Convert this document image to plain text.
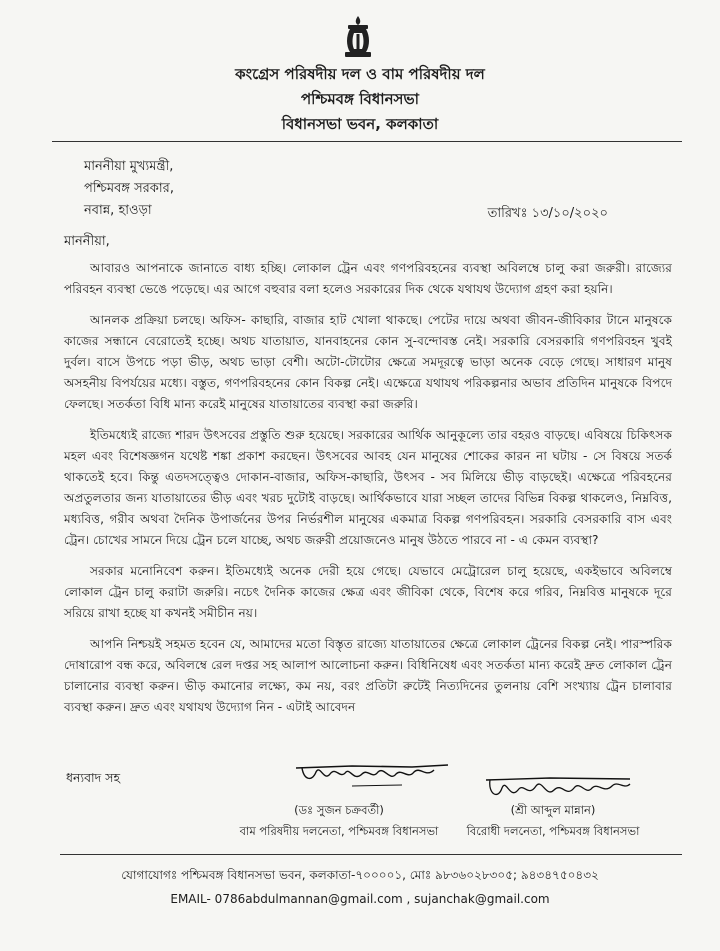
কংগ্রেস পরিষদীয় দল ও বাম পরিষদীয় দল
পশ্চিমবঙ্গ বিধানসভা
বিধানসভা ভবন, কলকাতা
মাননীয়া মুখ্যমন্ত্রী,
পশ্চিমবঙ্গ সরকার,
নবান্ন, হাওড়া	তারিখঃ ১৩/১০/২০২০
মাননীয়া,

আবারও আপনাকে জানাতে বাধ্য হচ্ছি। লোকাল ট্রেন এবং গণপরিবহনের ব্যবস্থা অবিলম্বে চালু করা জরুরী। রাজ্যের পরিবহন ব্যবস্থা ভেঙে পড়েছে। এর আগে বহুবার বলা হলেও সরকারের দিক থেকে যথাযথ উদ্যোগ গ্রহণ করা হয়নি।

আনলক প্রক্রিয়া চলছে। অফিস- কাছারি, বাজার হাট খোলা থাকছে। পেটের দায়ে অথবা জীবন-জীবিকার টানে মানুষকে কাজের সন্ধানে বেরোতেই হচ্ছে। অথচ যাতায়াত, যানবাহনের কোন সু-বন্দোবস্ত নেই। সরকারি বেসরকারি গণপরিবহন খুবই দুর্বল। বাসে উপচে পড়া ভীড়, অথচ ভাড়া বেশী। অটো-টোটোর ক্ষেত্রে সমদূরত্বে ভাড়া অনেক বেড়ে গেছে। সাধারণ মানুষ অসহনীয় বিপর্যয়ের মধ্যে। বস্তুত, গণপরিবহনের কোন বিকল্প নেই। এক্ষেত্রে যথাযথ পরিকল্পনার অভাব প্রতিদিন মানুষকে বিপদে ফেলছে। সতর্কতা বিধি মান্য করেই মানুষের যাতায়াতের ব্যবস্থা করা জরুরি।

ইতিমধ্যেই রাজ্যে শারদ উৎসবের প্রস্তুতি শুরু হয়েছে। সরকারের আর্থিক আনুকূল্যে তার বহরও বাড়ছে। এবিষয়ে চিকিৎসক মহল এবং বিশেষজ্ঞগন যথেষ্ট শঙ্কা প্রকাশ করছেন। উৎসবের আবহ যেন মানুষের শোকের কারন না ঘটায় - সে বিষয়ে সতর্ক থাকতেই হবে। কিন্তু এতদসত্ত্বেও দোকান-বাজার, অফিস-কাছারি, উৎসব - সব মিলিয়ে ভীড় বাড়ছেই। এক্ষেত্রে পরিবহনের অপ্রতুলতার জন্য যাতায়াতের ভীড় এবং খরচ দুটোই বাড়ছে। আর্থিকভাবে যারা সচ্ছল তাদের বিভিন্ন বিকল্প থাকলেও, নিম্নবিত্ত, মধ্যবিত্ত, গরীব অথবা দৈনিক উপার্জনের উপর নির্ভরশীল মানুষের একমাত্র বিকল্প গণপরিবহন। সরকারি বেসরকারি বাস এবং ট্রেন। চোখের সামনে দিয়ে ট্রেন চলে যাচ্ছে, অথচ জরুরী প্রয়োজনেও মানুষ উঠতে পারবে না - এ কেমন ব্যবস্থা?

সরকার মনোনিবেশ করুন। ইতিমধ্যেই অনেক দেরী হয়ে গেছে। যেভাবে মেট্রোরেল চালু হয়েছে, একইভাবে অবিলম্বে লোকাল ট্রেন চালু করাটা জরুরি। নচেৎ দৈনিক কাজের ক্ষেত্র এবং জীবিকা থেকে, বিশেষ করে গরিব, নিম্নবিত্ত মানুষকে দূরে সরিয়ে রাখা হচ্ছে যা কখনই সমীচীন নয়।

আপনি নিশ্চয়ই সহমত হবেন যে, আমাদের মতো বিস্তৃত রাজ্যে যাতায়াতের ক্ষেত্রে লোকাল ট্রেনের বিকল্প নেই। পারস্পরিক দোষারোপ বন্ধ করে, অবিলম্বে রেল দপ্তর সহ আলাপ আলোচনা করুন। বিধিনিষেধ এবং সতর্কতা মান্য করেই দ্রুত লোকাল ট্রেন চালানোর ব্যবস্থা করুন। ভীড় কমানোর লক্ষ্যে, কম নয়, বরং প্রতিটা রুটেই নিত্যদিনের তুলনায় বেশি সংখ্যায় ট্রেন চালাবার ব্যবস্থা করুন। দ্রুত এবং যথাযথ উদ্যোগ নিন - এটাই আবেদন

ধন্যবাদ সহ
(ডঃ সুজন চক্রবর্তী)
বাম পরিষদীয় দলনেতা, পশ্চিমবঙ্গ বিধানসভা
(শ্রী আব্দুল মান্নান)
বিরোধী দলনেতা, পশ্চিমবঙ্গ বিধানসভা
যোগাযোগঃ পশ্চিমবঙ্গ বিধানসভা ভবন, কলকাতা-৭০০০০১, মোঃ ৯৮৩৬০২৮৩০৫; ৯৪৩৪৭৫০৪৩২
EMAIL- 0786abdulmannan@gmail.com , sujanchak@gmail.com
